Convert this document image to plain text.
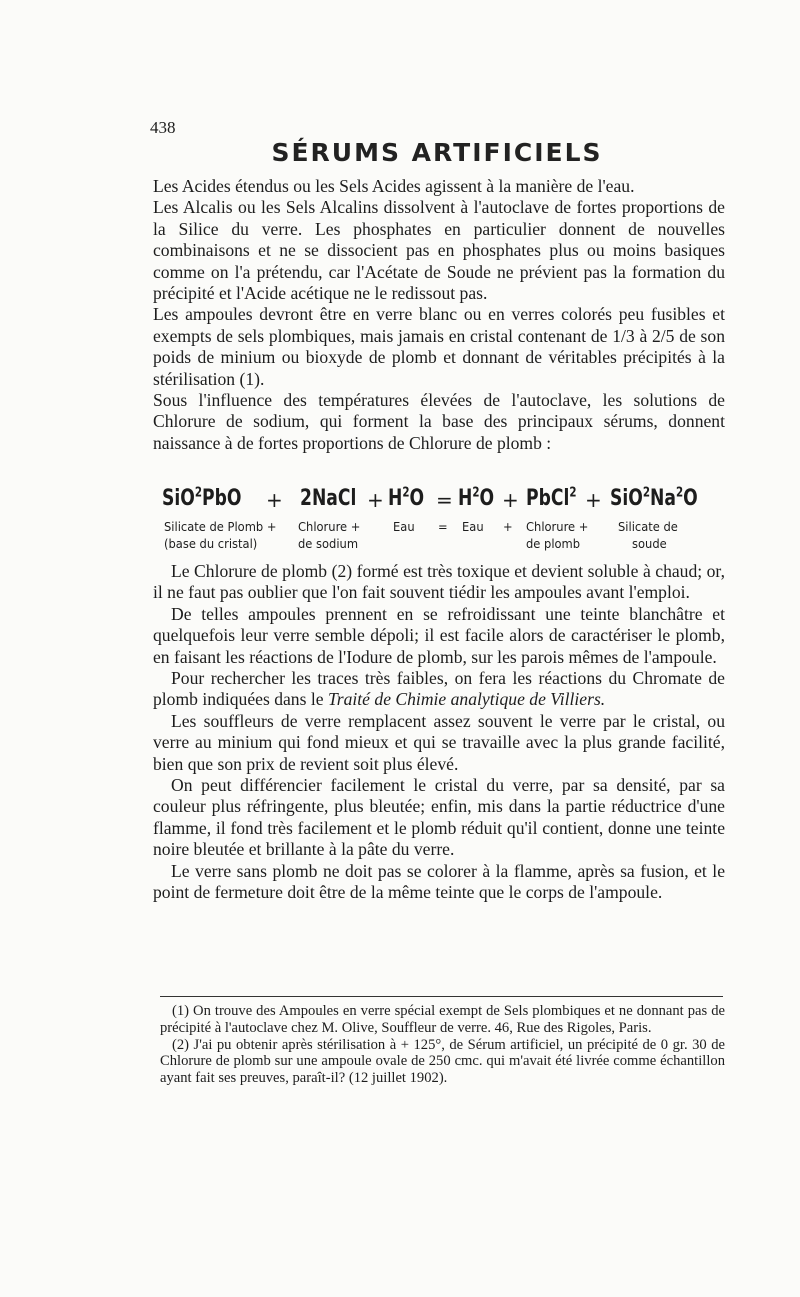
438
SÉRUMS ARTIFICIELS

Les Acides étendus ou les Sels Acides agissent à la manière de l'eau.

Les Alcalis ou les Sels Alcalins dissolvent à l'autoclave de fortes proportions de la Silice du verre. Les phosphates en particulier donnent de nouvelles combinaisons et ne se dissocient pas en phosphates plus ou moins basiques comme on l'a prétendu, car l'Acétate de Soude ne prévient pas la formation du précipité et l'Acide acétique ne le redissout pas.

Les ampoules devront être en verre blanc ou en verres colorés peu fusibles et exempts de sels plombiques, mais jamais en cristal contenant de 1/3 à 2/5 de son poids de minium ou bioxyde de plomb et donnant de véritables précipités à la stérilisation (1).

Sous l'influence des températures élevées de l'autoclave, les solutions de Chlorure de sodium, qui forment la base des principaux sérums, donnent naissance à de fortes proportions de Chlorure de plomb :

SiO$^2$PbO + 2NaCl + $H^2O = H^2O$ + PbCl$^2$ + $SiO^2Na^2O$
Silicate de Plomb +
(base du cristal)
Chlorure +
de sodium
Eau = Eau + Chlorure +
de plomb
Silicate de
soude

Le Chlorure de plomb (2) formé est très toxique et devient soluble à chaud; or, il ne faut pas oublier que l'on fait souvent tiédir les ampoules avant l'emploi.

De telles ampoules prennent en se refroidissant une teinte blanchâtre et quelquefois leur verre semble dépoli; il est facile alors de caractériser le plomb, en faisant les réactions de l'Iodure de plomb, sur les parois mêmes de l'ampoule.

Pour rechercher les traces très faibles, on fera les réactions du Chromate de plomb indiquées dans le Traité de Chimie analytique de Villiers.

Les souffleurs de verre remplacent assez souvent le verre par le cristal, ou verre au minium qui fond mieux et qui se travaille avec la plus grande facilité, bien que son prix de revient soit plus élevé.

On peut différencier facilement le cristal du verre, par sa densité, par sa couleur plus réfringente, plus bleutée; enfin, mis dans la partie réductrice d'une flamme, il fond très facilement et le plomb réduit qu'il contient, donne une teinte noire bleutée et brillante à la pâte du verre.

Le verre sans plomb ne doit pas se colorer à la flamme, après sa fusion, et le point de fermeture doit être de la même teinte que le corps de l'ampoule.

(1) On trouve des Ampoules en verre spécial exempt de Sels plombiques et ne donnant pas de précipité à l'autoclave chez M. Olive, Souffleur de verre. 46, Rue des Rigoles, Paris.

(2) J'ai pu obtenir après stérilisation à + 125°, de Sérum artificiel, un précipité de 0 gr. 30 de Chlorure de plomb sur une ampoule ovale de 250 cmc. qui m'avait été livrée comme échantillon ayant fait ses preuves, paraît-il? (12 juillet 1902).
